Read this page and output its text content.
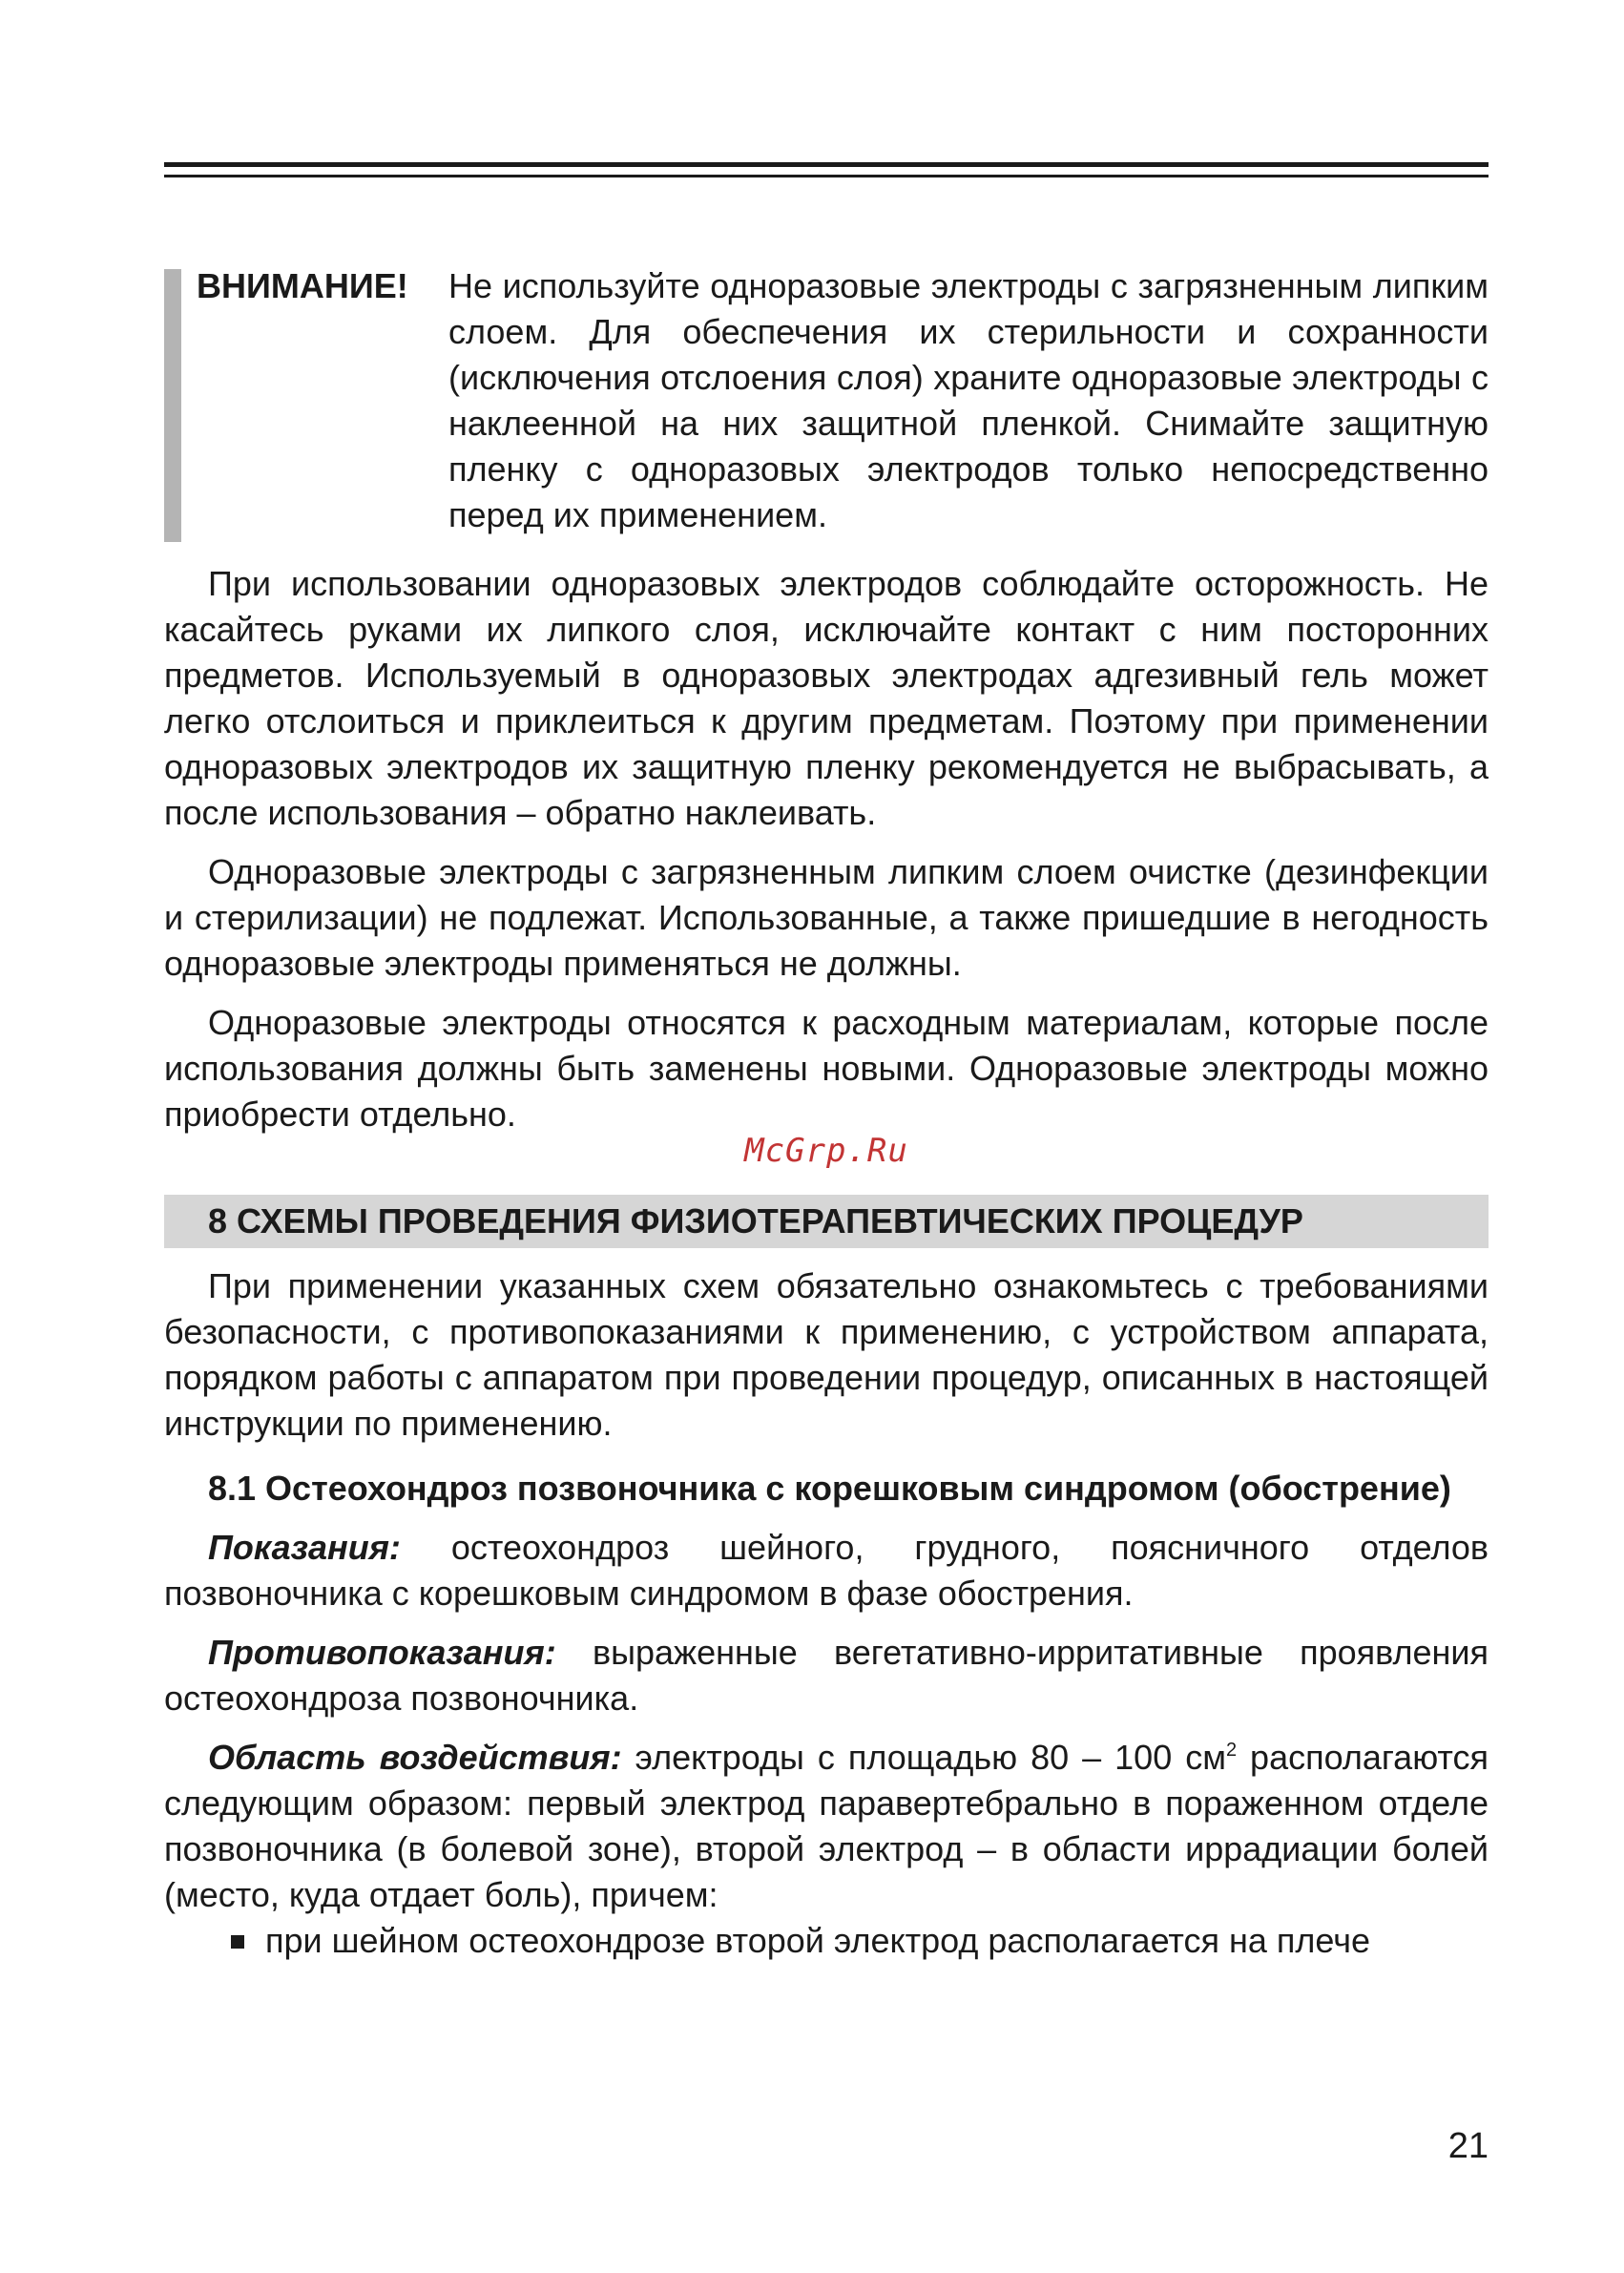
ВНИМАНИЕ!	Не используйте одноразовые электроды с загрязненным липким слоем. Для обеспечения их стерильности и сохранности (исключения отслоения слоя) храните одноразовые электроды с наклеенной на них защитной пленкой. Снимайте защитную пленку с одноразовых электродов только непосредственно перед их применением.

При использовании одноразовых электродов соблюдайте осторожность. Не касайтесь руками их липкого слоя, исключайте контакт с ним посторонних предметов. Используемый в одноразовых электродах адгезивный гель может легко отслоиться и приклеиться к другим предметам. Поэтому при применении одноразовых электродов их защитную пленку рекомендуется не выбрасывать, а после использования – обратно наклеивать.

Одноразовые электроды с загрязненным липким слоем очистке (дезинфекции и стерилизации) не подлежат. Использованные, а также пришедшие в негодность одноразовые электроды применяться не должны.

Одноразовые электроды относятся к расходным материалам, которые после использования должны быть заменены новыми. Одноразовые электроды можно приобрести отдельно.

McGrp.Ru
8 СХЕМЫ ПРОВЕДЕНИЯ ФИЗИОТЕРАПЕВТИЧЕСКИХ ПРОЦЕДУР

При применении указанных схем обязательно ознакомьтесь с требованиями безопасности, с противопоказаниями к применению, с устройством аппарата, порядком работы с аппаратом при проведении процедур, описанных в настоящей инструкции по применению.

8.1 Остеохондроз позвоночника с корешковым синдромом (обострение)

Показания: остеохондроз шейного, грудного, поясничного отделов позвоночника с корешковым синдромом в фазе обострения.

Противопоказания: выраженные вегетативно-ирритативные проявления остеохондроза позвоночника.

Область воздействия: электроды с площадью 80 – 100 $см^2$ располагаются следующим образом: первый электрод паравертебрально в пораженном отделе позвоночника (в болевой зоне), второй электрод – в области иррадиации болей (место, куда отдает боль), причем:

при шейном остеохондрозе второй электрод располагается на плече
21
